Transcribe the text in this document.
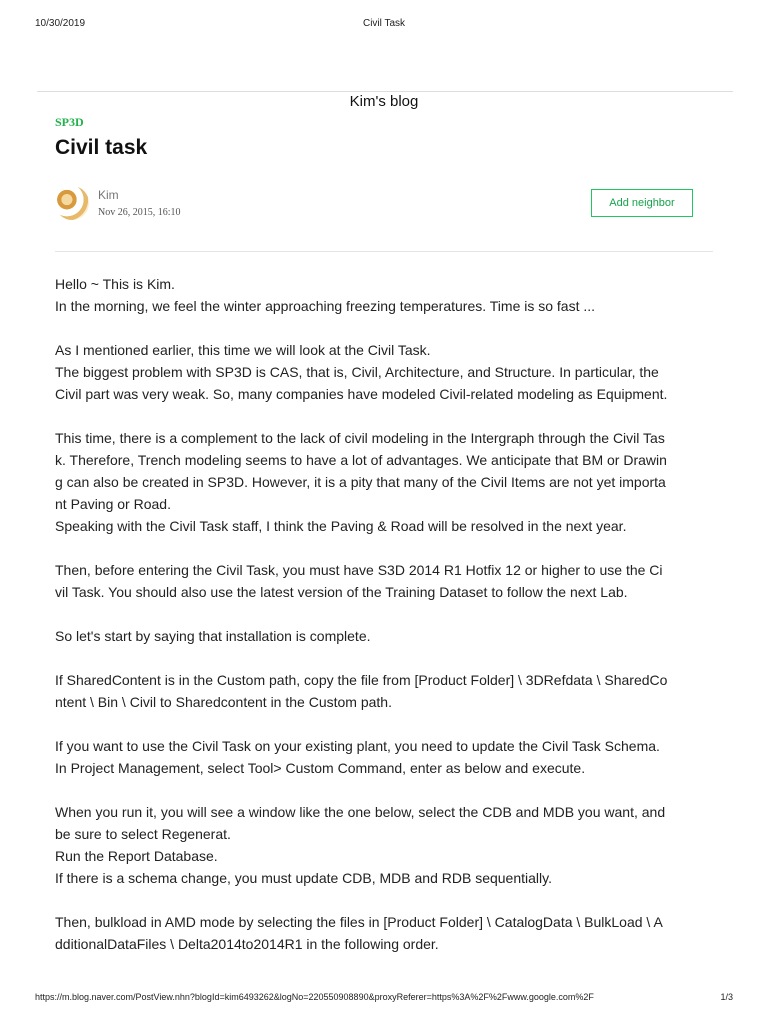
10/30/2019	Civil Task
Kim's blog
SP3D
Civil task
Kim
Nov 26, 2015, 16:10
Add neighbor

Hello ~ This is Kim.
In the morning, we feel the winter approaching freezing temperatures. Time is so fast ...

As I mentioned earlier, this time we will look at the Civil Task.
The biggest problem with SP3D is CAS, that is, Civil, Architecture, and Structure. In particular, the
Civil part was very weak. So, many companies have modeled Civil-related modeling as Equipment.

This time, there is a complement to the lack of civil modeling in the Intergraph through the Civil Tas
k. Therefore, Trench modeling seems to have a lot of advantages. We anticipate that BM or Drawin
g can also be created in SP3D. However, it is a pity that many of the Civil Items are not yet importa
nt Paving or Road.
Speaking with the Civil Task staff, I think the Paving & Road will be resolved in the next year.

Then, before entering the Civil Task, you must have S3D 2014 R1 Hotfix 12 or higher to use the Ci
vil Task. You should also use the latest version of the Training Dataset to follow the next Lab.

So let's start by saying that installation is complete.

If SharedContent is in the Custom path, copy the file from [Product Folder] \ 3DRefdata \ SharedCo
ntent \ Bin \ Civil to Sharedcontent in the Custom path.

If you want to use the Civil Task on your existing plant, you need to update the Civil Task Schema.
In Project Management, select Tool> Custom Command, enter as below and execute.

When you run it, you will see a window like the one below, select the CDB and MDB you want, and
be sure to select Regenerat.
Run the Report Database.
If there is a schema change, you must update CDB, MDB and RDB sequentially.

Then, bulkload in AMD mode by selecting the files in [Product Folder] \ CatalogData \ BulkLoad \ A
dditionalDataFiles \ Delta2014to2014R1 in the following order.

https://m.blog.naver.com/PostView.nhn?blogId=kim6493262&logNo=220550908890&proxyReferer=https%3A%2F%2Fwww.google.com%2F	1/3
